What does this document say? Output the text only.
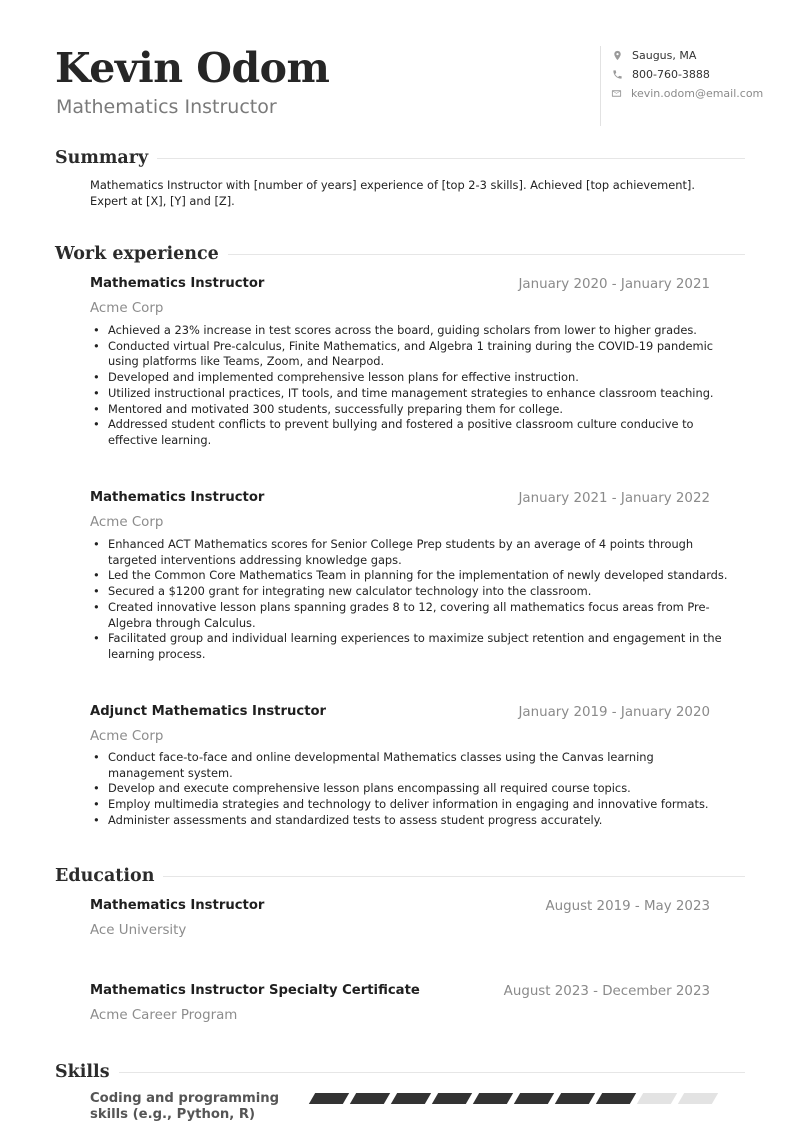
Kevin Odom
Mathematics Instructor
Saugus, MA
800-760-3888
kevin.odom@email.com
Summary

Mathematics Instructor with [number of years] experience of [top 2-3 skills]. Achieved [top achievement]. Expert at [X], [Y] and [Z].

Work experience
Mathematics Instructor	January 2020 - January 2021
Acme Corp
• Achieved a 23% increase in test scores across the board, guiding scholars from lower to higher grades.
• Conducted virtual Pre-calculus, Finite Mathematics, and Algebra 1 training during the COVID-19 pandemic using platforms like Teams, Zoom, and Nearpod.
• Developed and implemented comprehensive lesson plans for effective instruction.
• Utilized instructional practices, IT tools, and time management strategies to enhance classroom teaching.
• Mentored and motivated 300 students, successfully preparing them for college.
• Addressed student conflicts to prevent bullying and fostered a positive classroom culture conducive to effective learning.
Mathematics Instructor	January 2021 - January 2022
Acme Corp
• Enhanced ACT Mathematics scores for Senior College Prep students by an average of 4 points through targeted interventions addressing knowledge gaps.
• Led the Common Core Mathematics Team in planning for the implementation of newly developed standards.
• Secured a $1200 grant for integrating new calculator technology into the classroom.
• Created innovative lesson plans spanning grades 8 to 12, covering all mathematics focus areas from Pre-Algebra through Calculus.
• Facilitated group and individual learning experiences to maximize subject retention and engagement in the learning process.
Adjunct Mathematics Instructor	January 2019 - January 2020
Acme Corp
• Conduct face-to-face and online developmental Mathematics classes using the Canvas learning management system.
• Develop and execute comprehensive lesson plans encompassing all required course topics.
• Employ multimedia strategies and technology to deliver information in engaging and innovative formats.
• Administer assessments and standardized tests to assess student progress accurately.
Education
Mathematics Instructor	August 2019 - May 2023
Ace University
Mathematics Instructor Specialty Certificate	August 2023 - December 2023
Acme Career Program
Skills
Coding and programming skills (e.g., Python, R)
